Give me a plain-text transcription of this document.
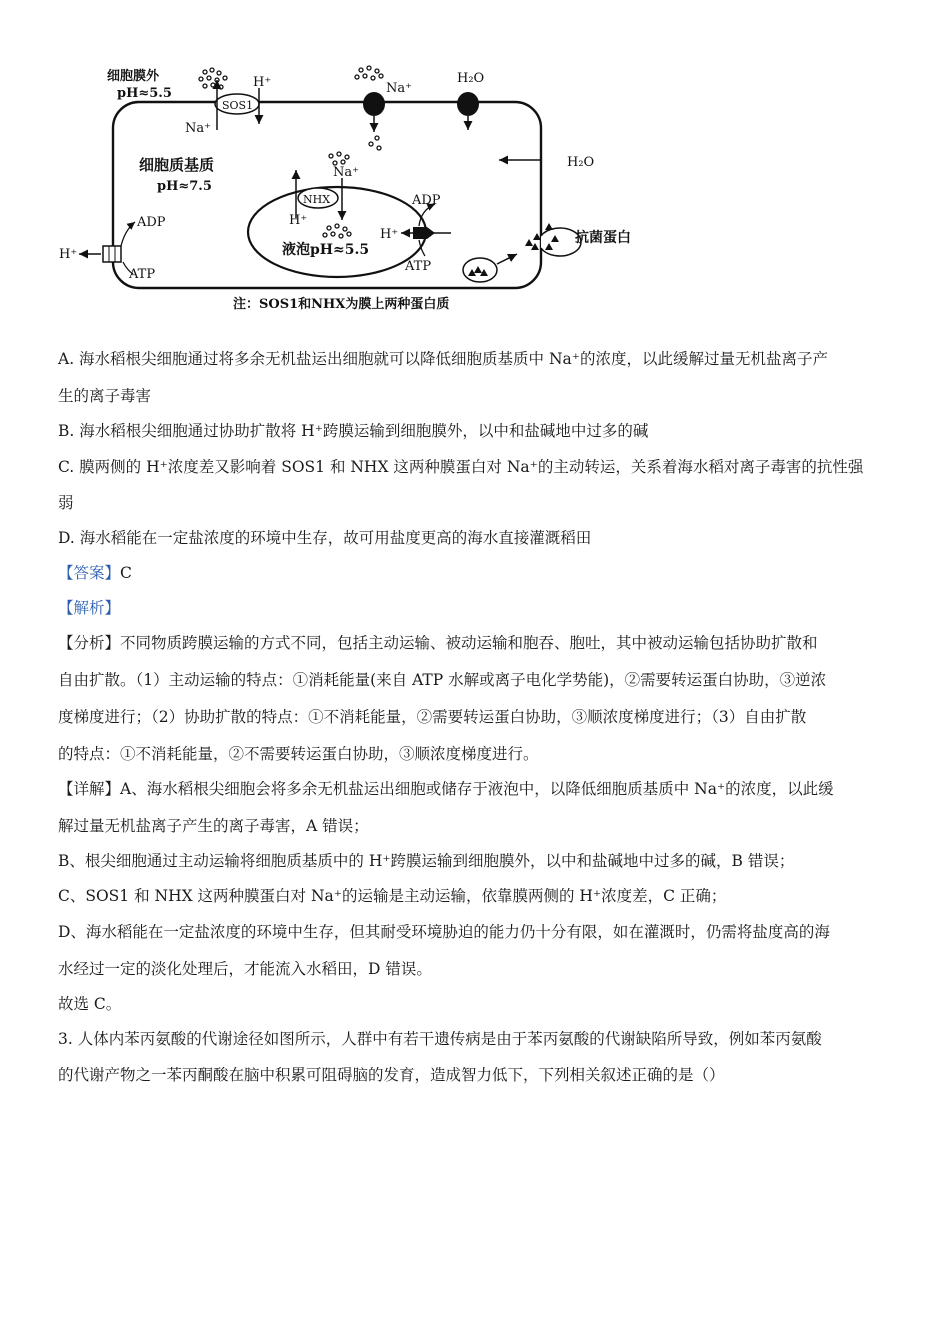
细胞膜外
pH≈5.5
SOS1
H⁺
Na⁺
Na⁺
H₂O
H₂O
细胞质基质
pH≈7.5
液泡pH≈5.5
NHX
H⁺
Na⁺
H⁺
ADP
ATP
H⁺
ADP
ATP
抗菌蛋白
注：SOS1和NHX为膜上两种蛋白质

A. 海水稻根尖细胞通过将多余无机盐运出细胞就可以降低细胞质基质中 Na⁺的浓度，以此缓解过量无机盐离子产

生的离子毒害

B. 海水稻根尖细胞通过协助扩散将 H⁺跨膜运输到细胞膜外，以中和盐碱地中过多的碱

C. 膜两侧的 H⁺浓度差又影响着 SOS1 和 NHX 这两种膜蛋白对 Na⁺的主动转运，关系着海水稻对离子毒害的抗性强

弱

D. 海水稻能在一定盐浓度的环境中生存，故可用盐度更高的海水直接灌溉稻田

【答案】C

【解析】

【分析】不同物质跨膜运输的方式不同，包括主动运输、被动运输和胞吞、胞吐，其中被动运输包括协助扩散和

自由扩散。（1）主动运输的特点：①消耗能量(来自 ATP 水解或离子电化学势能)，②需要转运蛋白协助，③逆浓

度梯度进行；（2）协助扩散的特点：①不消耗能量，②需要转运蛋白协助，③顺浓度梯度进行；（3）自由扩散

的特点：①不消耗能量，②不需要转运蛋白协助，③顺浓度梯度进行。

【详解】A、海水稻根尖细胞会将多余无机盐运出细胞或储存于液泡中，以降低细胞质基质中 Na⁺的浓度，以此缓

解过量无机盐离子产生的离子毒害，A 错误；

B、根尖细胞通过主动运输将细胞质基质中的 H⁺跨膜运输到细胞膜外，以中和盐碱地中过多的碱，B 错误；

C、SOS1 和 NHX 这两种膜蛋白对 Na⁺的运输是主动运输，依靠膜两侧的 H⁺浓度差，C 正确；

D、海水稻能在一定盐浓度的环境中生存，但其耐受环境胁迫的能力仍十分有限，如在灌溉时，仍需将盐度高的海

水经过一定的淡化处理后，才能流入水稻田，D 错误。

故选 C。

3. 人体内苯丙氨酸的代谢途径如图所示，人群中有若干遗传病是由于苯丙氨酸的代谢缺陷所导致，例如苯丙氨酸

的代谢产物之一苯丙酮酸在脑中积累可阻碍脑的发育，造成智力低下，下列相关叙述正确的是（）
